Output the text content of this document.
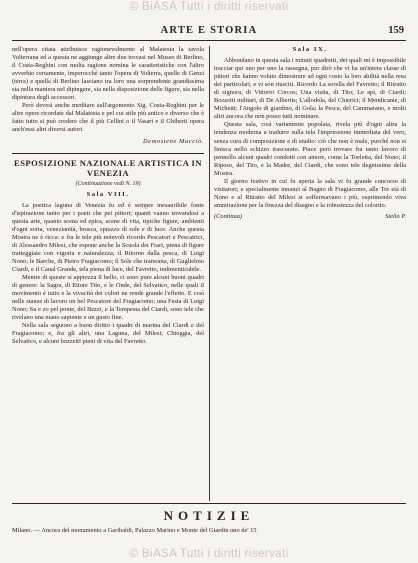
© BiASA Tutti i diritti riservati
ARTE E STORIA	159

nell'opera citata attribuisce ragionevolmente al Malatesta la tavola Volterrana ed a questa ne aggiunge altre due trovasi nel Museo di Berlino, il Costa-Reghini con molta ragione nomina le caratteristiche con l'altro avverbio certamente, imperocchè tanto l'opera di Volterra, quelle di Genzi (terra) e quella di Berlino lasciano tra loro una sorprendente grandissima sia nella maniera nel dipingere, sia nella disposizione delle figure, sia nella dipintura degli accessori.

Però devesi anche meditare sull'argomento Sig. Costa-Reghini per le altre opere ricordate dal Malatesta e pel cui stile più antico e diverso che è fatto tutto si può credere che il più Cellini o il Vasari e il Ghiberti opera anch'essi altri diversi autori.

Demostene Macciò.

ESPOSIZIONE NAZIONALE ARTISTICA IN VENEZIA
(Continuazione vedi N. 19)
Sala VIII.

La poetica laguna di Venezia fu ed è sempre inesauribile fonte d'ispirazione tanto per i poeti che pei pittori; quanti vanno trovandosi a questa arte, quanto scena ed epica, scene di vita, tipiche figure, ambienti d'ogni sorta, venezianità, brusca, sprazzo di sole e di luce. Anche questa Mostra ne è ricca: e fra le tele più notevoli ricordo Pescatori e Pescatrici, di Alessandro Milesi, che espone anche la Scuola dei Frari, piena di figure tratteggiate con vigoria e naturalezza; il Ritorno dalla pesca, di Luigi Nono; le Barche, di Pietro Fragiacomo; il Sole che tramonta, di Guglielmo Ciardi, e il Canal Grande, tela piena di luce, del Favretto, indimenticabile.

Mentre di queste si apprezza il bello, ci sono pure alcuni buoni quadri di genere: la Sagra, di Ettore Tito, e le Onde, del Selvatico, nelle quali il movimento è tutto e la vivacità dei colori ne rende grande l'effetto. E così nelle stanze di lavoro un bel Pescatore del Fragiacomo; una Festa di Luigi Nono; Su e zo pel ponte, del Bezzi, e la Tempesta del Ciardi, sono tele che rivelano una mano sapiente e un gusto fine.

Nella sala seguono a buon diritto i quadri di marina del Ciardi e del Fragiacomo; e, fra gli altri, una Laguna, del Milesi; Chioggia, del Selvatico, e alcuni bozzetti pieni di vita del Favretto.

Sala IX.

Abbondano in questa sala i minuti quadretti, dei quali mi è impossibile tracciar qui uno per uno la rassegna, pur dirò che vi ha un'intera classe di pittori che hanno voluto dimostrare ad ogni costo la loro abilità nella resa dei particolari, e vi son riusciti. Ricordo La sorella del Favretto; il Ritratto di signora, di Vittorio Corcos; Una visita, di Tito; Le api, di Ciardi; Bozzetti militari, di De Albertis; L'allodola, del Chierici; il Mendicante, di Michetti; l'Angolo di giardino, di Gola; la Pesca, del Cammarano, e molti altri ancora che non posso tutti nominare.

Questa sala, così variamente popolata, rivela più d'ogni altra la tendenza moderna a tradurre sulla tela l'impressione immediata del vero, senza cura di composizione e di studio: ciò che non è male, purché non si finisca nello schizzo trascurato. Piace però trovare fra tanto lavoro di pennello alcuni quadri condotti con amore, come la Toeletta, del Nono; il Riposo, del Tito, e la Madre, del Ciardi, che sono tele degnissime della Mostra.

Il giorno festivo in cui fu aperta la sala vi fu grande concorso di visitatori; e specialmente innanzi al Bagno di Fragiacomo, alle Tre età di Nono e al Ritratto del Milesi si soffermavano i più, esprimendo viva ammirazione per la finezza del disegno e la robustezza del colorito.

(Continua)	Stelio P.
NOTIZIE
Milano. — Ancora del monumento a Garibaldi, Palazzo Marino e Monte del Giardin uno de' 15
© BiASA Tutti i diritti riservati
